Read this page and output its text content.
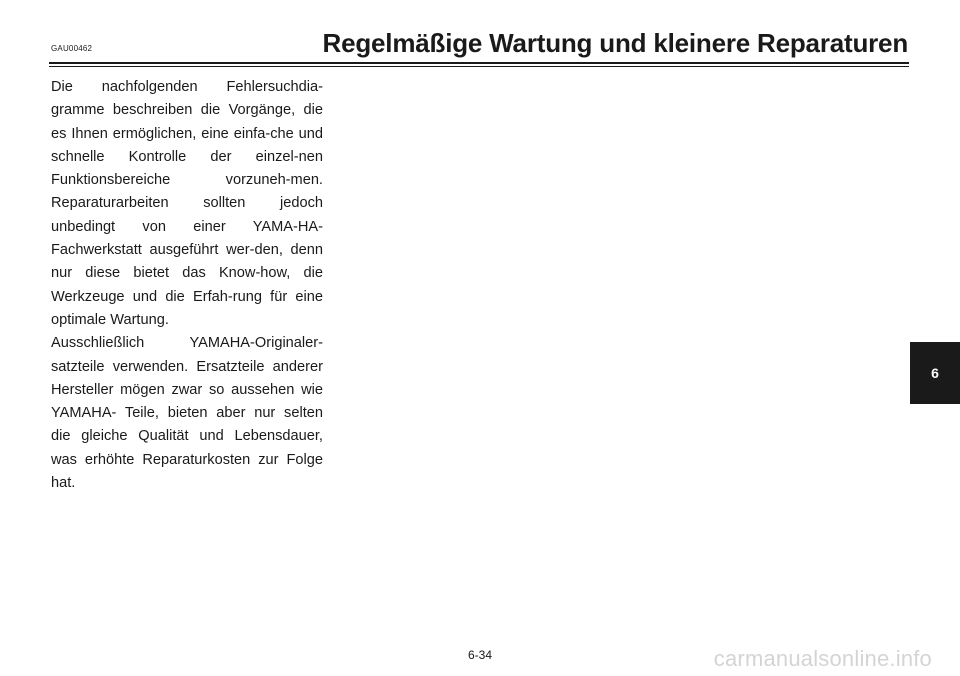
GAU00462	Regelmäßige Wartung und kleinere Reparaturen

Die nachfolgenden Fehlersuchdia-gramme beschreiben die Vorgänge, die es Ihnen ermöglichen, eine einfa-che und schnelle Kontrolle der einzel-nen Funktionsbereiche vorzuneh-men. Reparaturarbeiten sollten jedoch unbedingt von einer YAMA-HA- Fachwerkstatt ausgeführt wer-den, denn nur diese bietet das Know-how, die Werkzeuge und die Erfah-rung für eine optimale Wartung.

Ausschließlich YAMAHA-Originaler-satzteile verwenden. Ersatzteile anderer Hersteller mögen zwar so aussehen wie YAMAHA- Teile, bieten aber nur selten die gleiche Qualität und Lebensdauer, was erhöhte Reparaturkosten zur Folge hat.

6
6-34	carmanualsonline.info
